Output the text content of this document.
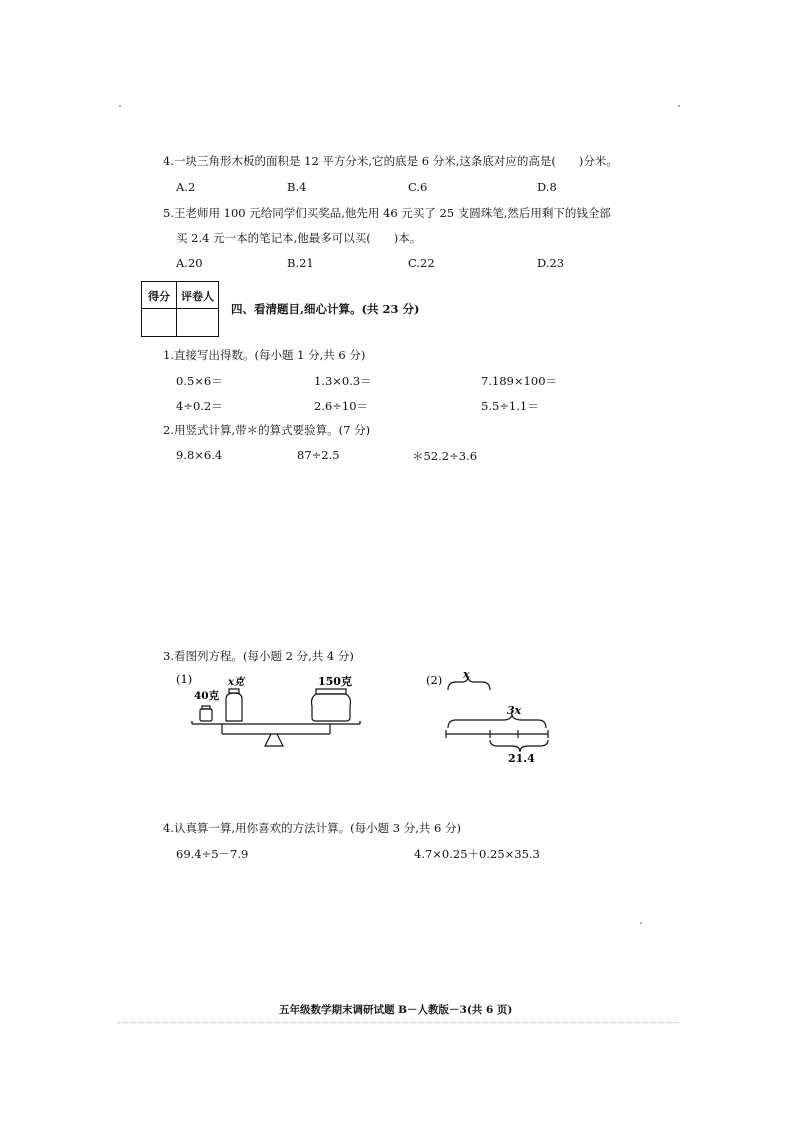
4.一块三角形木板的面积是 12 平方分米,它的底是 6 分米,这条底对应的高是(　　)分米。
A.2	B.4	C.6	D.8
5.王老师用 100 元给同学们买奖品,他先用 46 元买了 25 支圆珠笔,然后用剩下的钱全部
买 2.4 元一本的笔记本,他最多可以买(　　)本。
A.20	B.21	C.22	D.23
得分 评卷人
四、看清题目,细心计算。(共 23 分)
1.直接写出得数。(每小题 1 分,共 6 分)
0.5×6＝	1.3×0.3＝	7.189×100＝
4÷0.2＝	2.6÷10＝	5.5÷1.1＝
2.用竖式计算,带＊的算式要验算。(7 分)
9.8×6.4	87÷2.5	＊52.2÷3.6
3.看图列方程。(每小题 2 分,共 4 分)
(1)
40克
x克	150克	(2) x
3x
21.4
4.认真算一算,用你喜欢的方法计算。(每小题 3 分,共 6 分)
69.4÷5－7.9	4.7×0.25＋0.25×35.3
五年级数学期末调研试题 B－人教版－3(共 6 页)
